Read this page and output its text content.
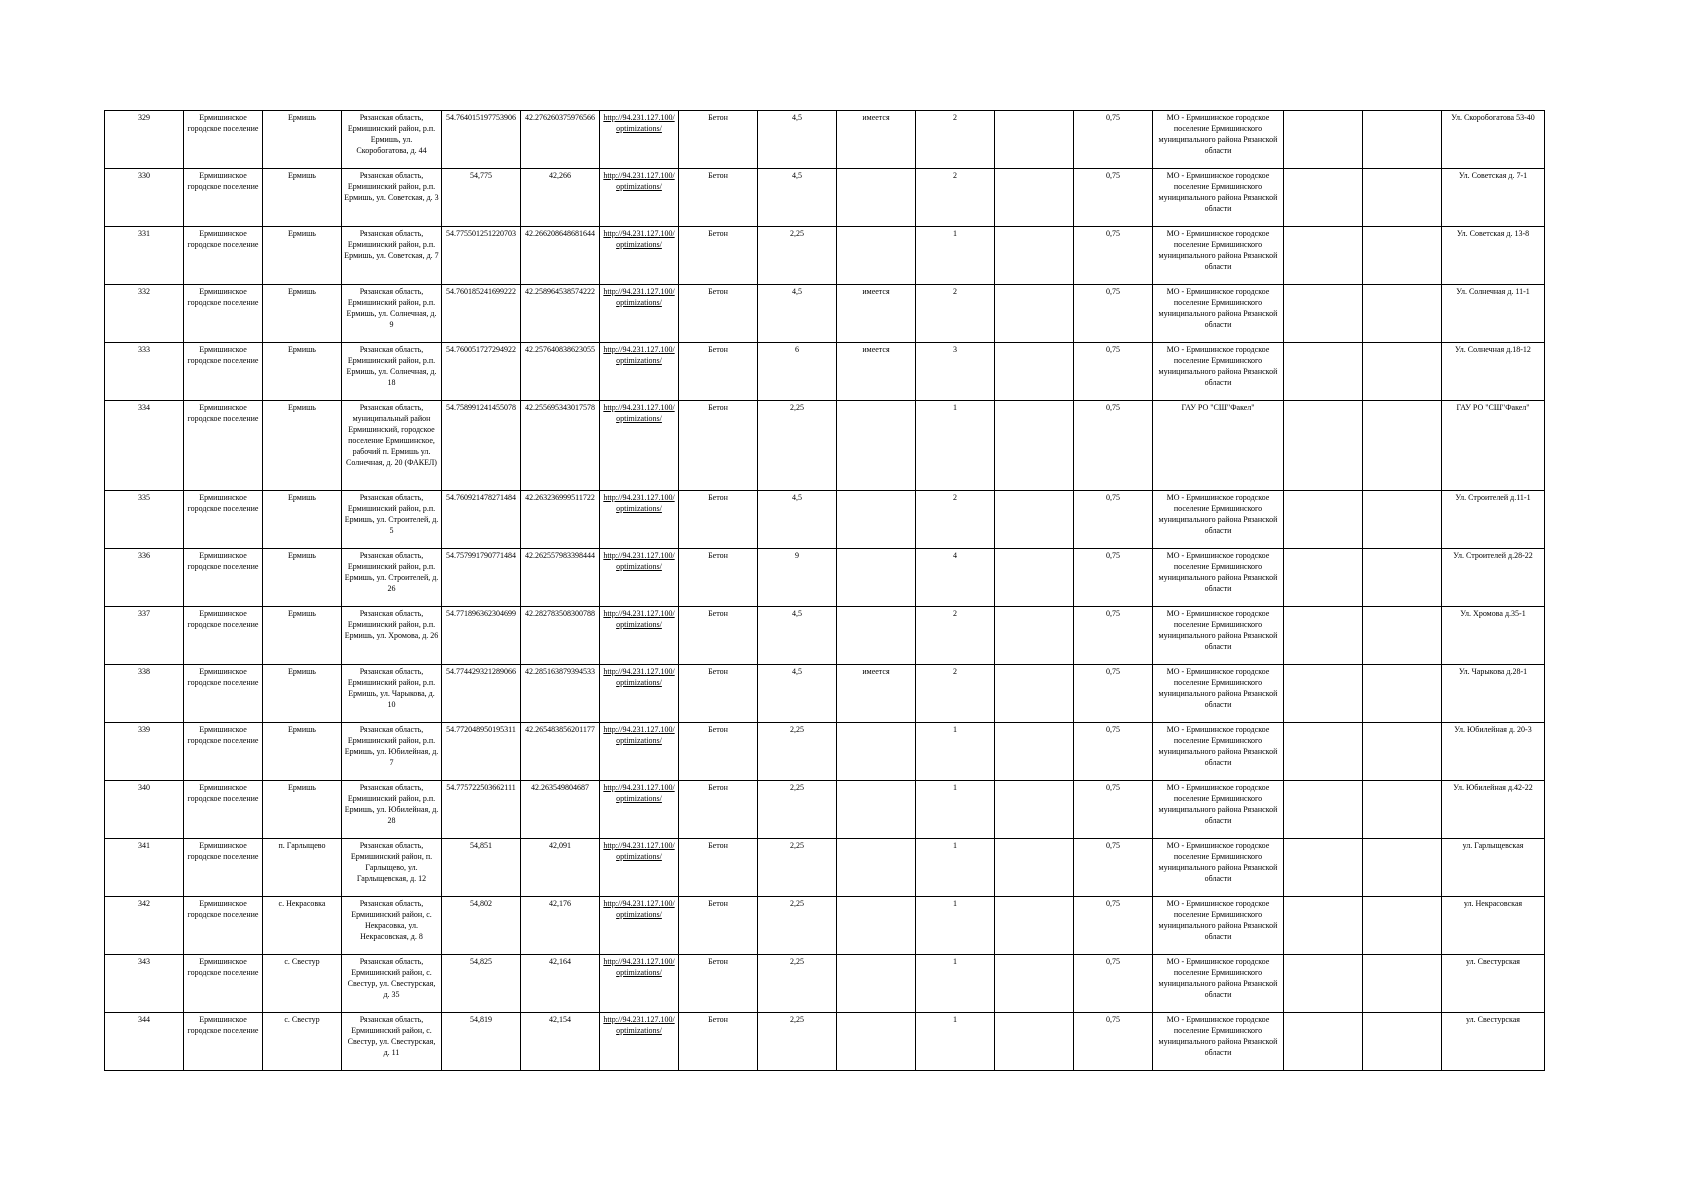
329	Ермишинское городское поселение	Ермишь	Рязанская область, Ермишинский район, р.п. Ермишь, ул. Скоробогатова, д. 44	54.764015197753906	42.276260375976566	http://94.231.127.100/optimizations/	Бетон	4,5	имеется	2		0,75	МО - Ермишинское городское поселение Ермишинского муниципального района Рязанской области			Ул. Скоробогатова 53-40
330	Ермишинское городское поселение	Ермишь	Рязанская область, Ермишинский район, р.п. Ермишь, ул. Советская, д. 3	54,775	42,266	http://94.231.127.100/optimizations/	Бетон	4,5		2		0,75	МО - Ермишинское городское поселение Ермишинского муниципального района Рязанской области			Ул. Советская д. 7-1
331	Ермишинское городское поселение	Ермишь	Рязанская область, Ермишинский район, р.п. Ермишь, ул. Советская, д. 7	54.775501251220703	42.266208648681644	http://94.231.127.100/optimizations/	Бетон	2,25		1		0,75	МО - Ермишинское городское поселение Ермишинского муниципального района Рязанской области			Ул. Советская д. 13-8
332	Ермишинское городское поселение	Ермишь	Рязанская область, Ермишинский район, р.п. Ермишь, ул. Солнечная, д. 9	54.760185241699222	42.258964538574222	http://94.231.127.100/optimizations/	Бетон	4,5	имеется	2		0,75	МО - Ермишинское городское поселение Ермишинского муниципального района Рязанской области			Ул. Солнечная д. 11-1
333	Ермишинское городское поселение	Ермишь	Рязанская область, Ермишинский район, р.п. Ермишь, ул. Солнечная, д. 18	54.760051727294922	42.257640838623055	http://94.231.127.100/optimizations/	Бетон	6	имеется	3		0,75	МО - Ермишинское городское поселение Ермишинского муниципального района Рязанской области			Ул. Солнечная д.18-12
334	Ермишинское городское поселение	Ермишь	Рязанская область, муниципальный район Ермишинский, городское поселение Ермишинское, рабочий п. Ермишь ул. Солнечная, д. 20 (ФАКЕЛ)	54.758991241455078	42.255695343017578	http://94.231.127.100/optimizations/	Бетон	2,25		1		0,75	ГАУ РО "СШ"Факел"			ГАУ РО "СШ"Факел"
335	Ермишинское городское поселение	Ермишь	Рязанская область, Ермишинский район, р.п. Ермишь, ул. Строителей, д. 5	54.760921478271484	42.263236999511722	http://94.231.127.100/optimizations/	Бетон	4,5		2		0,75	МО - Ермишинское городское поселение Ермишинского муниципального района Рязанской области			Ул. Строителей д.11-1
336	Ермишинское городское поселение	Ермишь	Рязанская область, Ермишинский район, р.п. Ермишь, ул. Строителей, д. 26	54.757991790771484	42.262557983398444	http://94.231.127.100/optimizations/	Бетон	9		4		0,75	МО - Ермишинское городское поселение Ермишинского муниципального района Рязанской области			Ул. Строителей д.28-22
337	Ермишинское городское поселение	Ермишь	Рязанская область, Ермишинский район, р.п. Ермишь, ул. Хромова, д. 26	54.771896362304699	42.282783508300788	http://94.231.127.100/optimizations/	Бетон	4,5		2		0,75	МО - Ермишинское городское поселение Ермишинского муниципального района Рязанской области			Ул. Хромова д.35-1
338	Ермишинское городское поселение	Ермишь	Рязанская область, Ермишинский район, р.п. Ермишь, ул. Чарыкова, д. 10	54.774429321289066	42.285163879394533	http://94.231.127.100/optimizations/	Бетон	4,5	имеется	2		0,75	МО - Ермишинское городское поселение Ермишинского муниципального района Рязанской области			Ул. Чарыкова д.28-1
339	Ермишинское городское поселение	Ермишь	Рязанская область, Ермишинский район, р.п. Ермишь, ул. Юбилейная, д. 7	54.772048950195311	42.265483856201177	http://94.231.127.100/optimizations/	Бетон	2,25		1		0,75	МО - Ермишинское городское поселение Ермишинского муниципального района Рязанской области			Ул. Юбилейная д. 20-3
340	Ермишинское городское поселение	Ермишь	Рязанская область, Ермишинский район, р.п. Ермишь, ул. Юбилейная, д. 28	54.775722503662111	42.263549804687	http://94.231.127.100/optimizations/	Бетон	2,25		1		0,75	МО - Ермишинское городское поселение Ермишинского муниципального района Рязанской области			Ул. Юбилейная д.42-22
341	Ермишинское городское поселение	п. Гарлыщево	Рязанская область, Ермишинский район, п. Гарлыщево, ул. Гарлыщевская, д. 12	54,851	42,091	http://94.231.127.100/optimizations/	Бетон	2,25		1		0,75	МО - Ермишинское городское поселение Ермишинского муниципального района Рязанской области			ул. Гарлыщевская
342	Ермишинское городское поселение	с. Некрасовка	Рязанская область, Ермишинский район, с. Некрасовка, ул. Некрасовская, д. 8	54,802	42,176	http://94.231.127.100/optimizations/	Бетон	2,25		1		0,75	МО - Ермишинское городское поселение Ермишинского муниципального района Рязанской области			ул. Некрасовская
343	Ермишинское городское поселение	с. Свестур	Рязанская область, Ермишинский район, с. Свестур, ул. Свестурская, д. 35	54,825	42,164	http://94.231.127.100/optimizations/	Бетон	2,25		1		0,75	МО - Ермишинское городское поселение Ермишинского муниципального района Рязанской области			ул. Свестурская
344	Ермишинское городское поселение	с. Свестур	Рязанская область, Ермишинский район, с. Свестур, ул. Свестурская, д. 11	54,819	42,154	http://94.231.127.100/optimizations/	Бетон	2,25		1		0,75	МО - Ермишинское городское поселение Ермишинского муниципального района Рязанской области			ул. Свестурская
